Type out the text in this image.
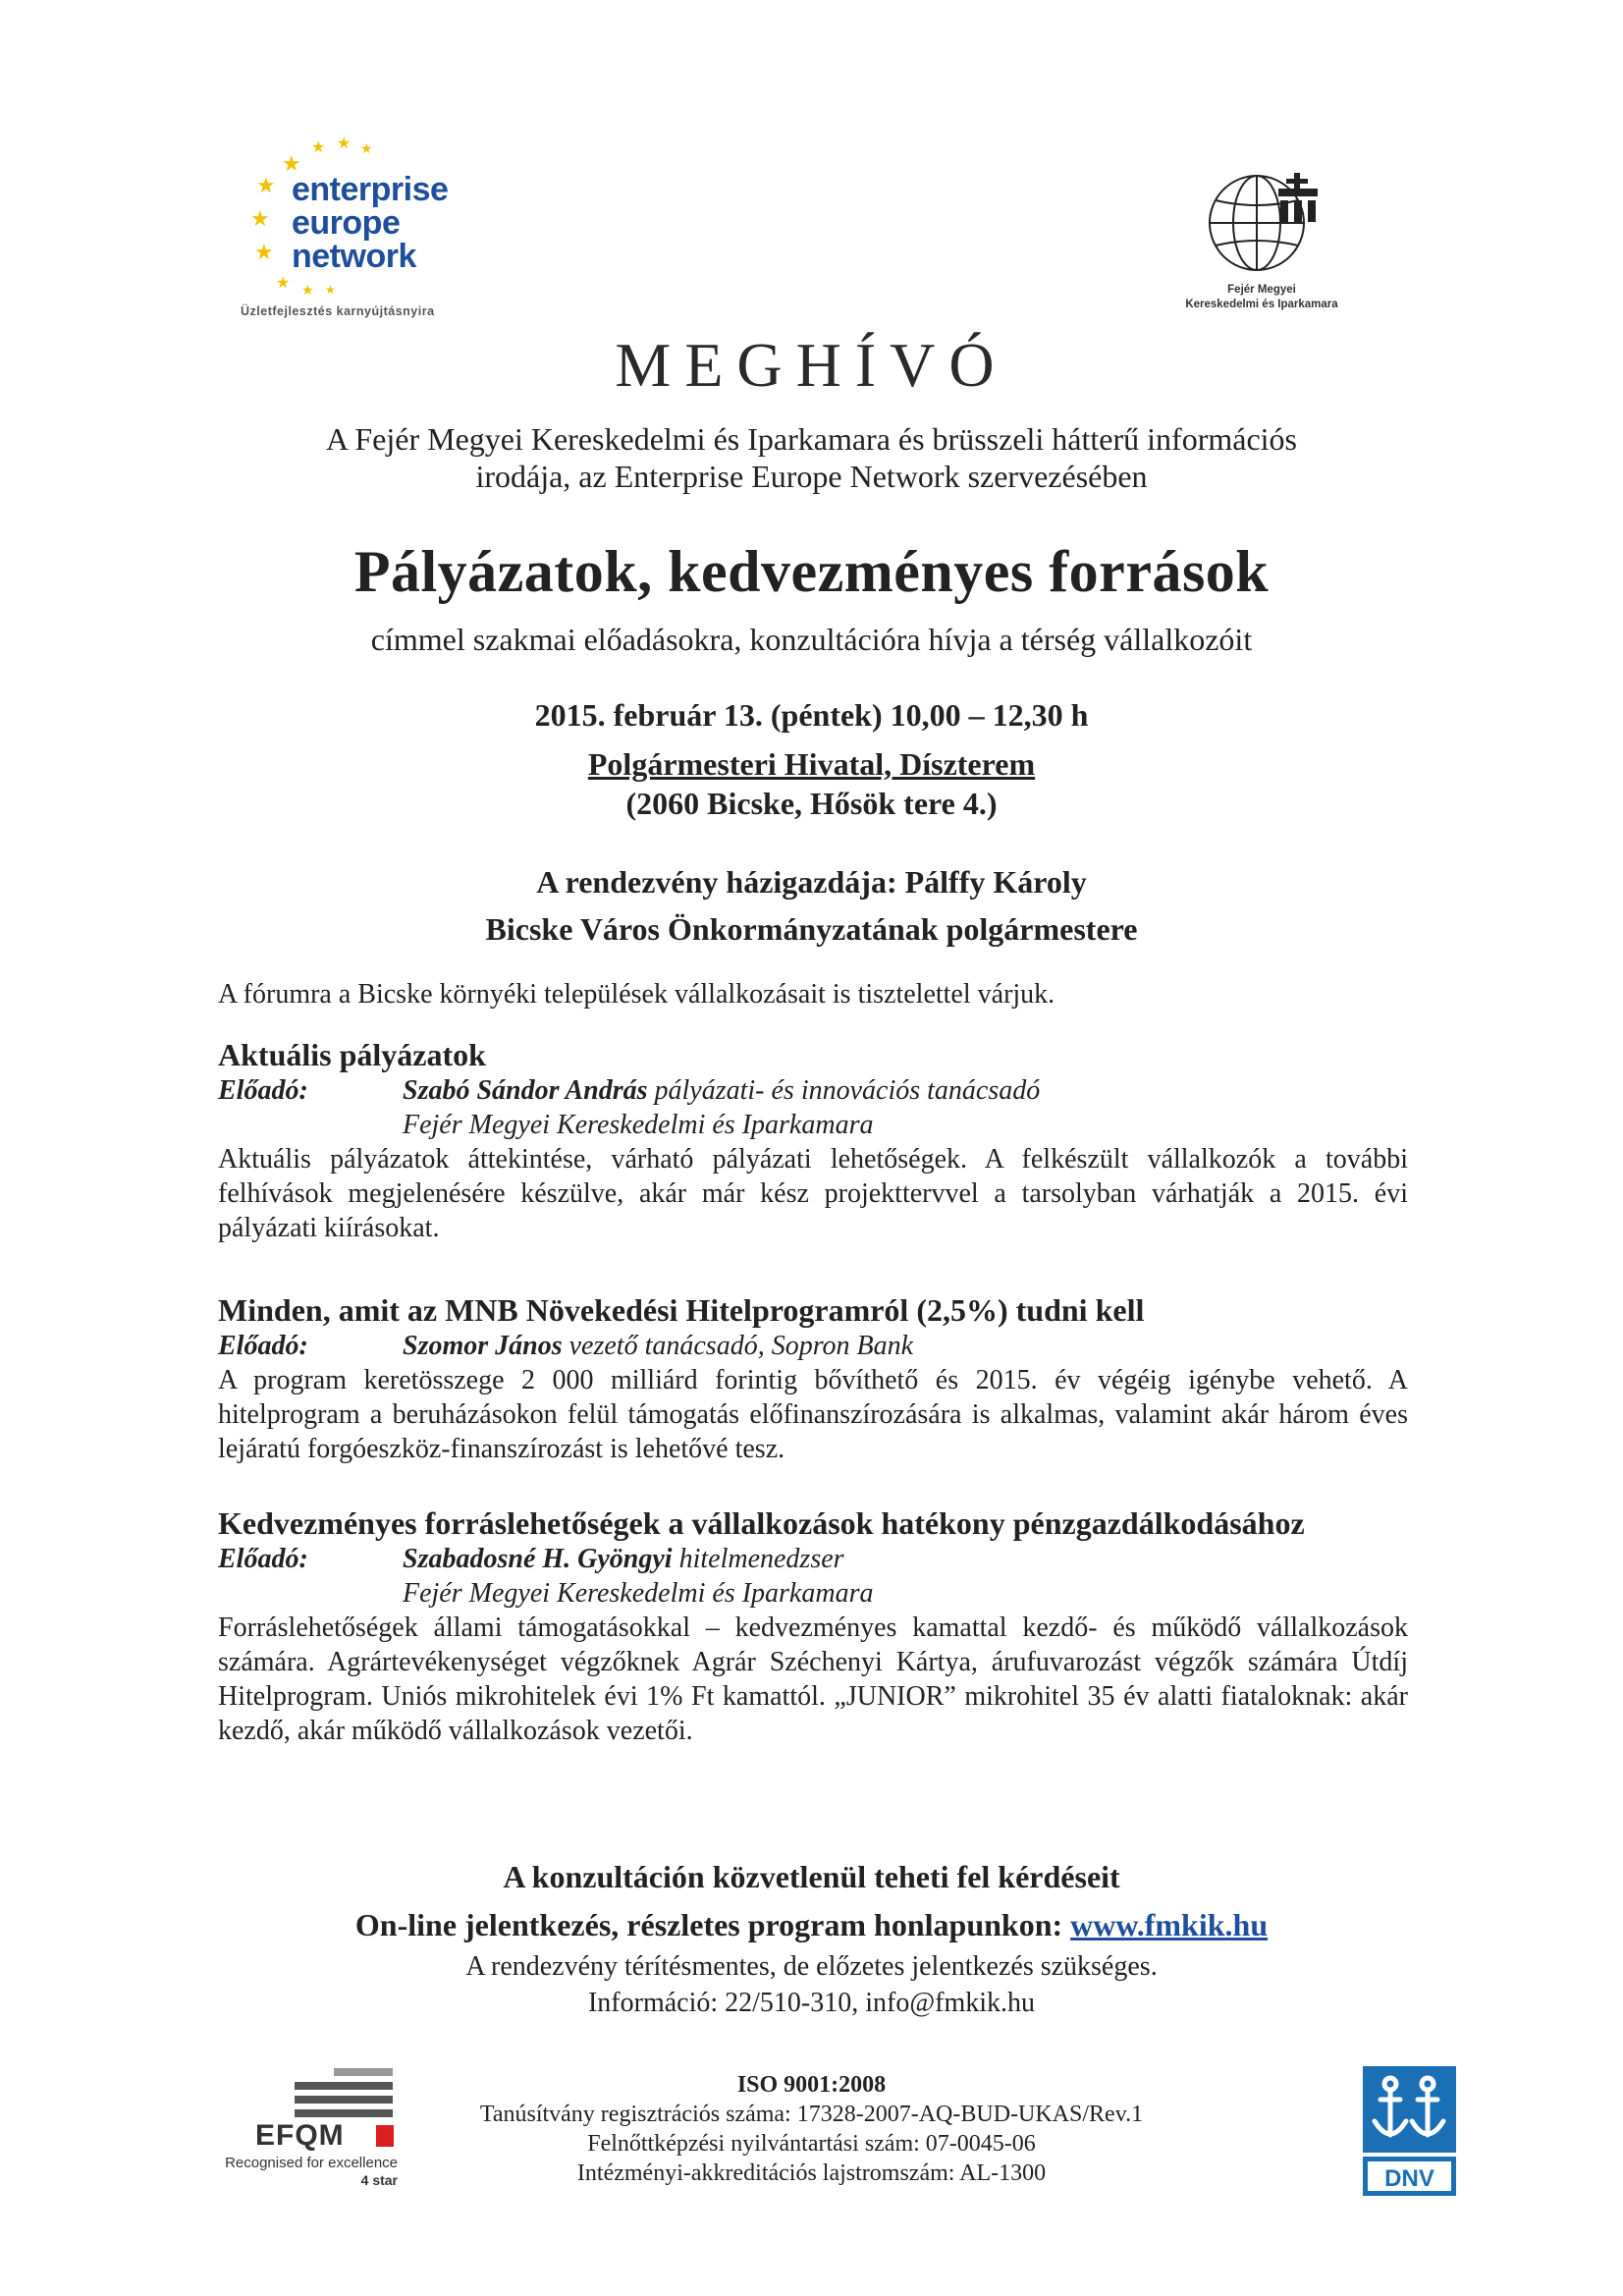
★ ★ ★
★
★
★
★
★ ★ ★
enterprise
europe
network
Üzletfejlesztés karnyújtásnyira
Fejér Megyei
Kereskedelmi és Iparkamara
MEGHÍVÓ
A Fejér Megyei Kereskedelmi és Iparkamara és brüsszeli hátterű információs
irodája, az Enterprise Europe Network szervezésében
Pályázatok, kedvezményes források
címmel szakmai előadásokra, konzultációra hívja a térség vállalkozóit
2015. február 13. (péntek) 10,00 – 12,30 h
Polgármesteri Hivatal, Díszterem
(2060 Bicske, Hősök tere 4.)
A rendezvény házigazdája: Pálffy Károly
Bicske Város Önkormányzatának polgármestere
A fórumra a Bicske környéki települések vállalkozásait is tisztelettel várjuk.
Aktuális pályázatok
Előadó:	Szabó Sándor András pályázati- és innovációs tanácsadó
Fejér Megyei Kereskedelmi és Iparkamara
Aktuális pályázatok áttekintése, várható pályázati lehetőségek. A felkészült vállalkozók a további felhívások megjelenésére készülve, akár már kész projekttervvel a tarsolyban várhatják a 2015. évi pályázati kiírásokat.
Minden, amit az MNB Növekedési Hitelprogramról (2,5%) tudni kell
Előadó:	Szomor János vezető tanácsadó, Sopron Bank
A program keretösszege 2 000 milliárd forintig bővíthető és 2015. év végéig igénybe vehető. A hitelprogram a beruházásokon felül támogatás előfinanszírozására is alkalmas, valamint akár három éves lejáratú forgóeszköz-finanszírozást is lehetővé tesz.
Kedvezményes forráslehetőségek a vállalkozások hatékony pénzgazdálkodásához
Előadó:	Szabadosné H. Gyöngyi hitelmenedzser
Fejér Megyei Kereskedelmi és Iparkamara
Forráslehetőségek állami támogatásokkal – kedvezményes kamattal kezdő- és működő vállalkozások számára. Agrártevékenységet végzőknek Agrár Széchenyi Kártya, árufuvarozást végzők számára Útdíj Hitelprogram. Uniós mikrohitelek évi 1% Ft kamattól. „JUNIOR” mikrohitel 35 év alatti fiataloknak: akár kezdő, akár működő vállalkozások vezetői.
A konzultáción közvetlenül teheti fel kérdéseit
On-line jelentkezés, részletes program honlapunkon: www.fmkik.hu
A rendezvény térítésmentes, de előzetes jelentkezés szükséges.
Információ: 22/510-310, info@fmkik.hu
EFQM
Recognised for excellence
4 star
ISO 9001:2008
Tanúsítvány regisztrációs száma: 17328-2007-AQ-BUD-UKAS/Rev.1
Felnőttképzési nyilvántartási szám: 07-0045-06
Intézményi-akkreditációs lajstromszám: AL-1300	DNV
